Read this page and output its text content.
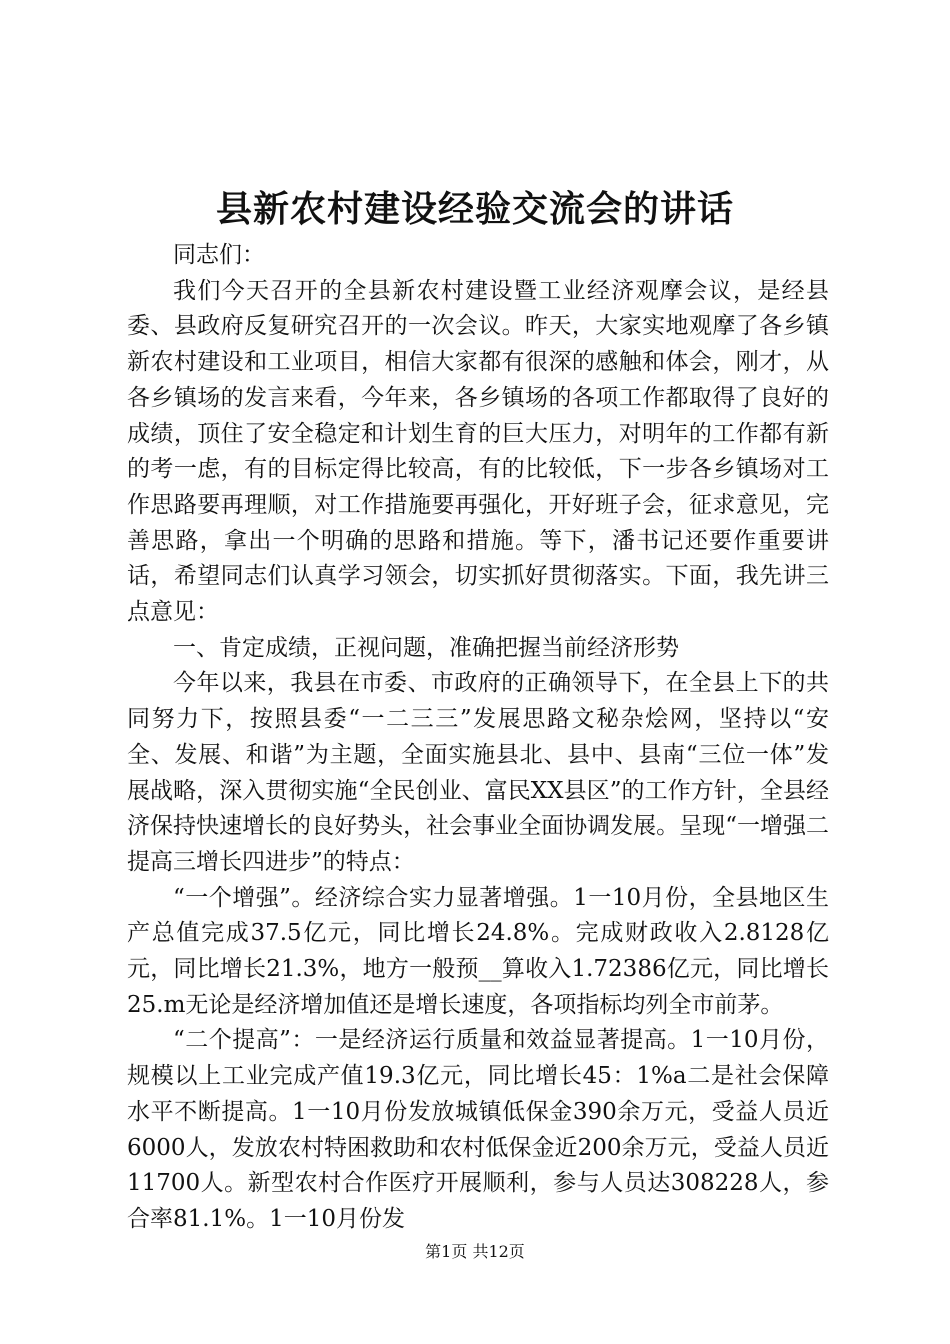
县新农村建设经验交流会的讲话

同志们：

我们今天召开的全县新农村建设暨工业经济观摩会议，是经县委、县政府反复研究召开的一次会议。昨天，大家实地观摩了各乡镇新农村建设和工业项目，相信大家都有很深的感触和体会，刚才，从各乡镇场的发言来看，今年来，各乡镇场的各项工作都取得了良好的成绩，顶住了安全稳定和计划生育的巨大压力，对明年的工作都有新的考一虑，有的目标定得比较高，有的比较低，下一步各乡镇场对工作思路要再理顺，对工作措施要再强化，开好班子会，征求意见，完善思路，拿出一个明确的思路和措施。等下，潘书记还要作重要讲话，希望同志们认真学习领会，切实抓好贯彻落实。下面，我先讲三点意见：

一、肯定成绩，正视问题，准确把握当前经济形势

今年以来，我县在市委、市政府的正确领导下，在全县上下的共同努力下，按照县委“一二三三”发展思路文秘杂烩网，坚持以“安全、发展、和谐”为主题，全面实施县北、县中、县南“三位一体”发展战略，深入贯彻实施“全民创业、富民XX县区”的工作方针，全县经济保持快速增长的良好势头，社会事业全面协调发展。呈现“一增强二提高三增长四进步”的特点：

“一个增强”。经济综合实力显著增强。1一10月份，全县地区生产总值完成37.5亿元，同比增长24.8%。完成财政收入2.8128亿元，同比增长21.3%，地方一般预__算收入1.72386亿元，同比增长25.m无论是经济增加值还是增长速度，各项指标均列全市前茅。

“二个提高”：一是经济运行质量和效益显著提高。1一10月份，规模以上工业完成产值19.3亿元，同比增长45：1%a二是社会保障水平不断提高。1一10月份发放城镇低保金390余万元，受益人员近6000人，发放农村特困救助和农村低保金近200余万元，受益人员近11700人。新型农村合作医疗开展顺利，参与人员达308228人，参合率81.1%。1一10月份发

第1页 共12页
